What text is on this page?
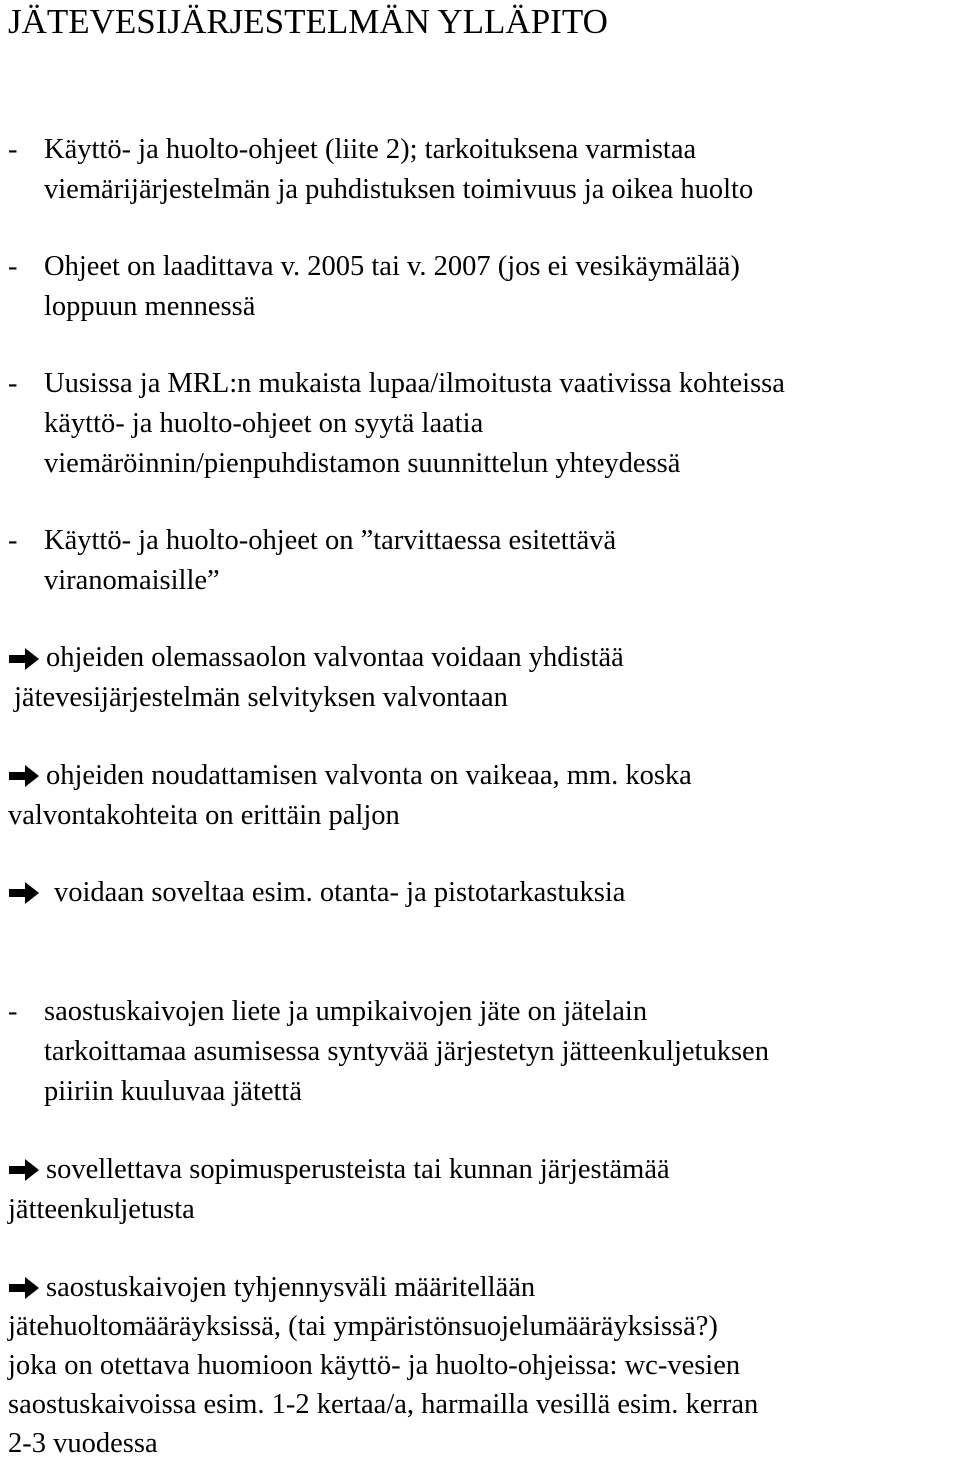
JÄTEVESIJÄRJESTELMÄN YLLÄPITO
- Käyttö- ja huolto-ohjeet (liite 2); tarkoituksena varmistaa
viemärijärjestelmän ja puhdistuksen toimivuus ja oikea huolto
- Ohjeet on laadittava v. 2005 tai v. 2007 (jos ei vesikäymälää)
loppuun mennessä
- Uusissa ja MRL:n mukaista lupaa/ilmoitusta vaativissa kohteissa
käyttö- ja huolto-ohjeet on syytä laatia
viemäröinnin/pienpuhdistamon suunnittelun yhteydessä
- Käyttö- ja huolto-ohjeet on ”tarvittaessa esitettävä
viranomaisille”
ohjeiden olemassaolon valvontaa voidaan yhdistää
jätevesijärjestelmän selvityksen valvontaan
ohjeiden noudattamisen valvonta on vaikeaa, mm. koska
valvontakohteita on erittäin paljon
voidaan soveltaa esim. otanta- ja pistotarkastuksia
- saostuskaivojen liete ja umpikaivojen jäte on jätelain
tarkoittamaa asumisessa syntyvää järjestetyn jätteenkuljetuksen
piiriin kuuluvaa jätettä
sovellettava sopimusperusteista tai kunnan järjestämää
jätteenkuljetusta
saostuskaivojen tyhjennysväli määritellään
jätehuoltomääräyksissä, (tai ympäristönsuojelumääräyksissä?)
joka on otettava huomioon käyttö- ja huolto-ohjeissa: wc-vesien
saostuskaivoissa esim. 1-2 kertaa/a, harmailla vesillä esim. kerran
2-3 vuodessa
